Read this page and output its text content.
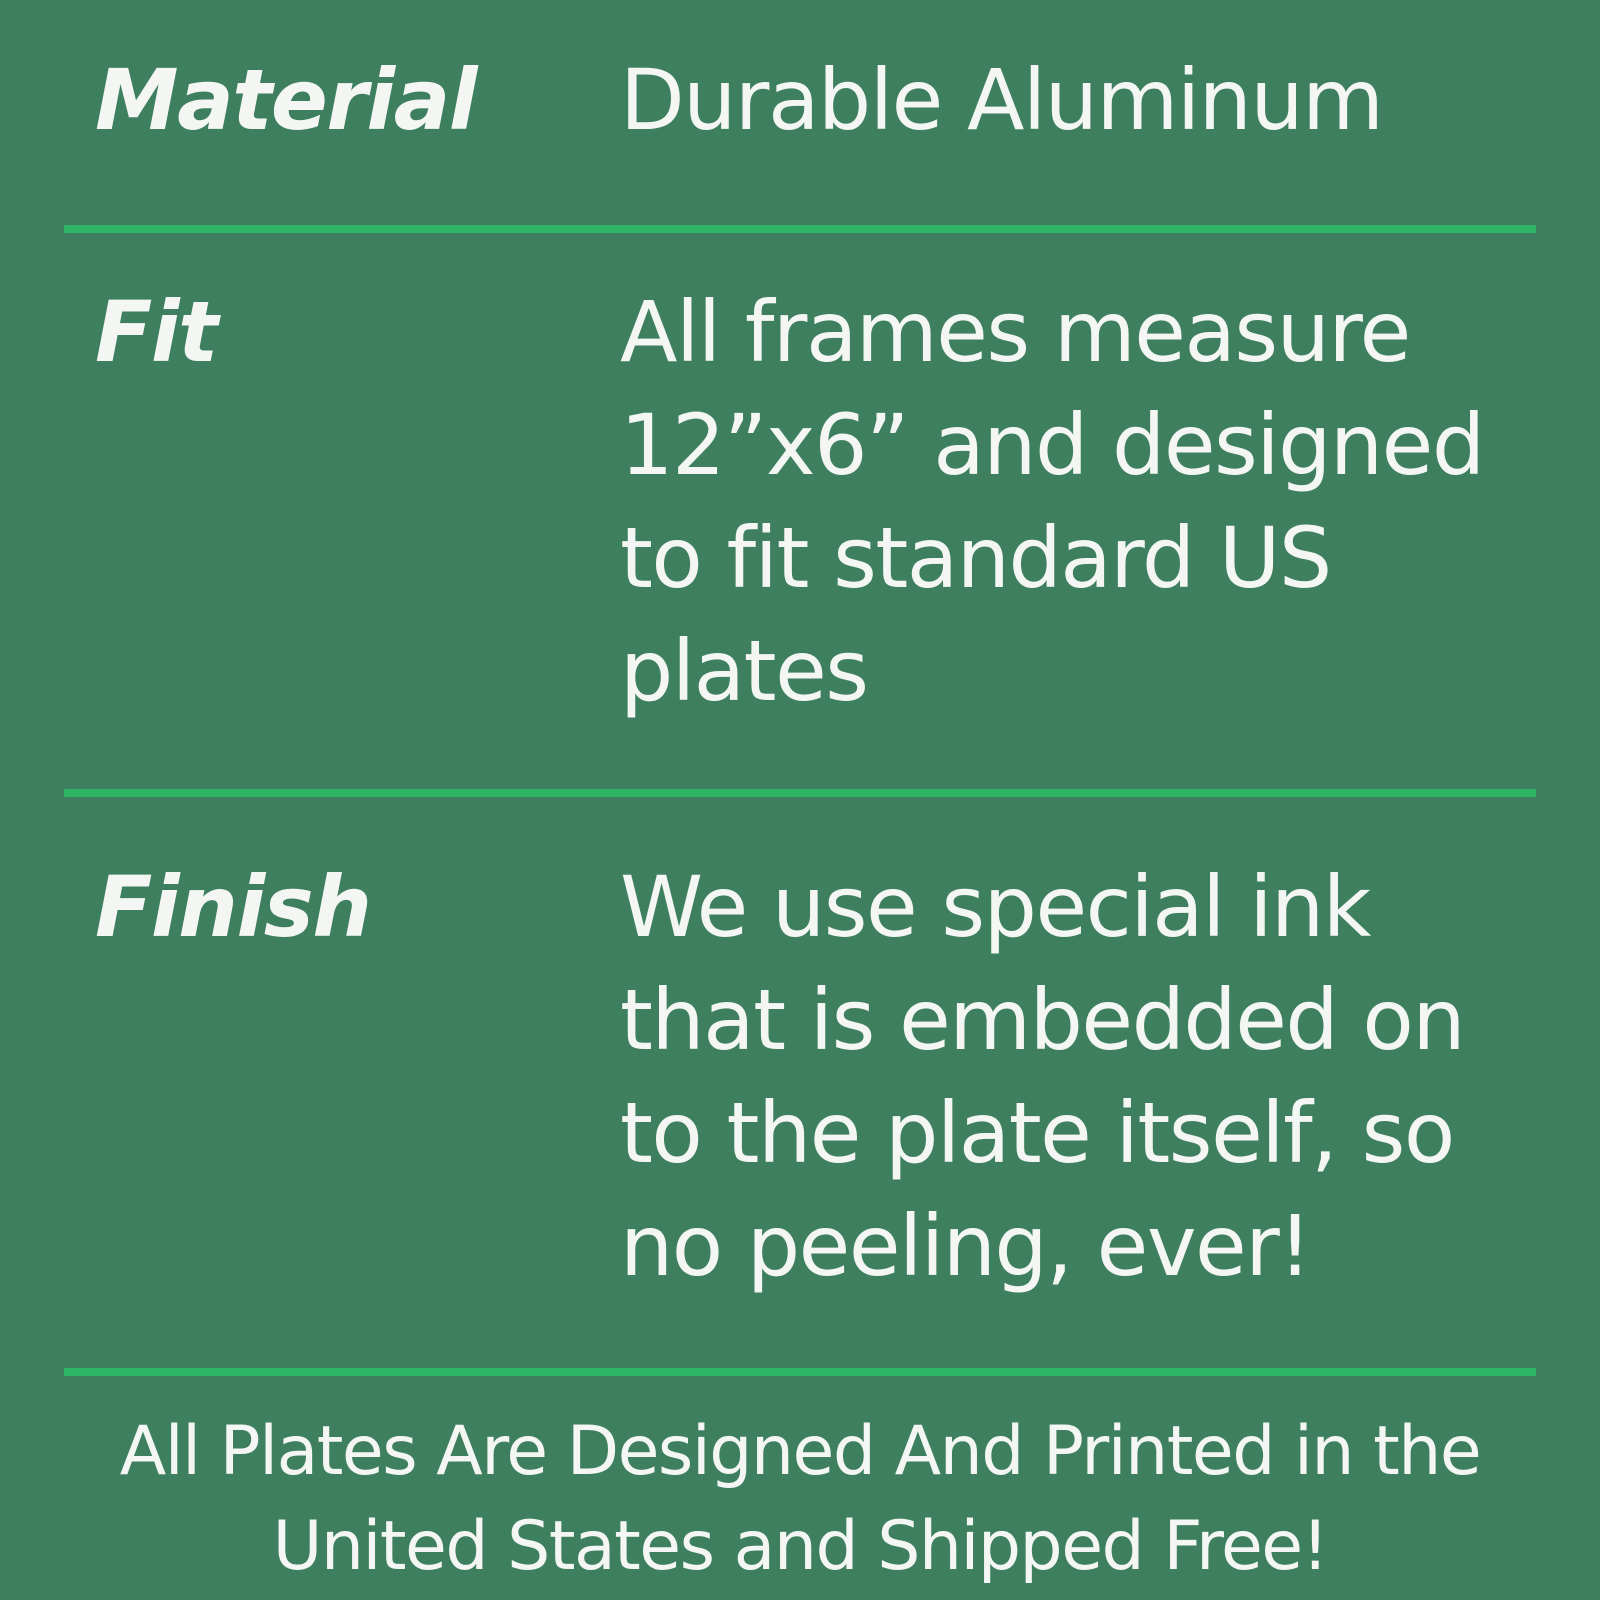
Material	Durable Aluminum
Fit	All frames measure
12”x6” and designed
to fit standard US
plates
Finish	We use special ink
that is embedded on
to the plate itself, so
no peeling, ever!
All Plates Are Designed And Printed in the
United States and Shipped Free!
